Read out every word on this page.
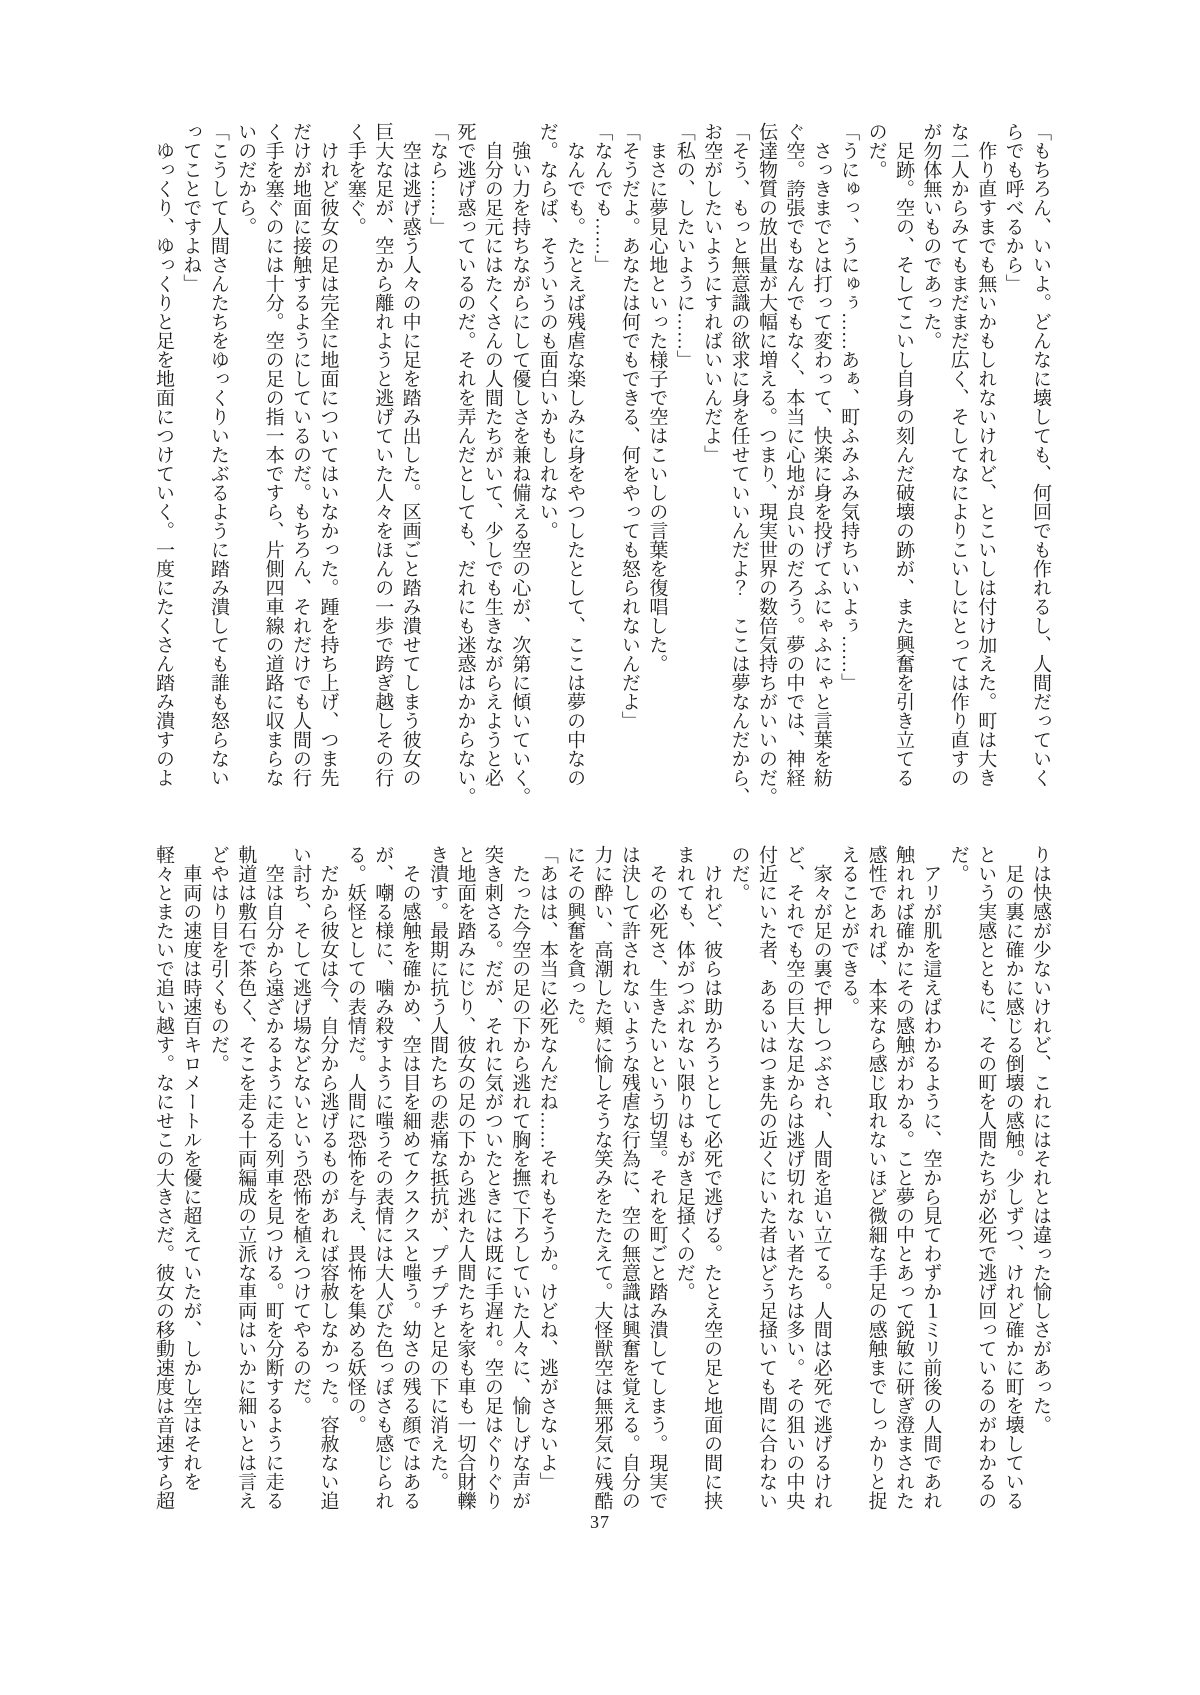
「もちろん、いいよ。どんなに壊しても、何回でも作れるし、人間だっていく
らでも呼べるから」
　作り直すまでも無いかもしれないけれど、とこいしは付け加えた。町は大き
な二人からみてもまだまだ広く、そしてなによりこいしにとっては作り直すの
が勿体無いものであった。
　足跡。空の、そしてこいし自身の刻んだ破壊の跡が、また興奮を引き立てる
のだ。
「うにゅっ、うにゅぅ……あぁ、町ふみふみ気持ちいいよぅ……」
　さっきまでとは打って変わって、快楽に身を投げてふにゃふにゃと言葉を紡
ぐ空。誇張でもなんでもなく、本当に心地が良いのだろう。夢の中では、神経
伝達物質の放出量が大幅に増える。つまり、現実世界の数倍気持ちがいいのだ。
「そう、もっと無意識の欲求に身を任せていいんだよ？　ここは夢なんだから、
お空がしたいようにすればいいんだよ」
「私の、したいように……」
　まさに夢見心地といった様子で空はこいしの言葉を復唱した。
「そうだよ。あなたは何でもできる、何をやっても怒られないんだよ」
「なんでも……」
　なんでも。たとえば残虐な楽しみに身をやつしたとして、ここは夢の中なの
だ。ならば、そういうのも面白いかもしれない。
　強い力を持ちながらにして優しさを兼ね備える空の心が、次第に傾いていく。
　自分の足元にはたくさんの人間たちがいて、少しでも生きながらえようと必
死で逃げ惑っているのだ。それを弄んだとしても、だれにも迷惑はかからない。
「なら……」
　空は逃げ惑う人々の中に足を踏み出した。区画ごと踏み潰せてしまう彼女の
巨大な足が、空から離れようと逃げていた人々をほんの一歩で跨ぎ越しその行
く手を塞ぐ。
　けれど彼女の足は完全に地面についてはいなかった。踵を持ち上げ、つま先
だけが地面に接触するようにしているのだ。もちろん、それだけでも人間の行
く手を塞ぐのには十分。空の足の指一本ですら、片側四車線の道路に収まらな
いのだから。
「こうして人間さんたちをゆっくりいたぶるように踏み潰しても誰も怒らない
ってことですよね」
　ゆっくり、ゆっくりと足を地面につけていく。一度にたくさん踏み潰すのよ
りは快感が少ないけれど、これにはそれとは違った愉しさがあった。
　足の裏に確かに感じる倒壊の感触。少しずつ、けれど確かに町を壊している
という実感とともに、その町を人間たちが必死で逃げ回っているのがわかるの
だ。
　アリが肌を這えばわかるように、空から見てわずか１ミリ前後の人間であれ
触れれば確かにその感触がわかる。こと夢の中とあって鋭敏に研ぎ澄まされた
感性であれば、本来なら感じ取れないほど微細な手足の感触までしっかりと捉
えることができる。
　家々が足の裏で押しつぶされ、人間を追い立てる。人間は必死で逃げるけれ
ど、それでも空の巨大な足からは逃げ切れない者たちは多い。その狙いの中央
付近にいた者、あるいはつま先の近くにいた者はどう足掻いても間に合わない
のだ。
　けれど、彼らは助かろうとして必死で逃げる。たとえ空の足と地面の間に挟
まれても、体がつぶれない限りはもがき足掻くのだ。
　その必死さ、生きたいという切望。それを町ごと踏み潰してしまう。現実で
は決して許されないような残虐な行為に、空の無意識は興奮を覚える。自分の
力に酔い、高潮した頬に愉しそうな笑みをたたえて。大怪獣空は無邪気に残酷
にその興奮を貪った。
「あはは、本当に必死なんだね……それもそうか。けどね、逃がさないよ」
　たった今空の足の下から逃れて胸を撫で下ろしていた人々に、愉しげな声が
突き刺さる。だが、それに気がついたときには既に手遅れ。空の足はぐりぐり
と地面を踏みにじり、彼女の足の下から逃れた人間たちを家も車も一切合財轢
き潰す。最期に抗う人間たちの悲痛な抵抗が、プチプチと足の下に消えた。
　その感触を確かめ、空は目を細めてクスクスと嗤う。幼さの残る顔ではある
が、嘲る様に、噛み殺すように嗤うその表情には大人びた色っぽさも感じられ
る。妖怪としての表情だ。人間に恐怖を与え、畏怖を集める妖怪の。
　だから彼女は今、自分から逃げるものがあれば容赦しなかった。容赦ない追
い討ち、そして逃げ場などないという恐怖を植えつけてやるのだ。
　空は自分から遠ざかるように走る列車を見つける。町を分断するように走る
軌道は敷石で茶色く、そこを走る十両編成の立派な車両はいかに細いとは言え
どやはり目を引くものだ。
　車両の速度は時速百キロメートルを優に超えていたが、しかし空はそれを
軽々とまたいで追い越す。なにせこの大きさだ。彼女の移動速度は音速すら超
37
